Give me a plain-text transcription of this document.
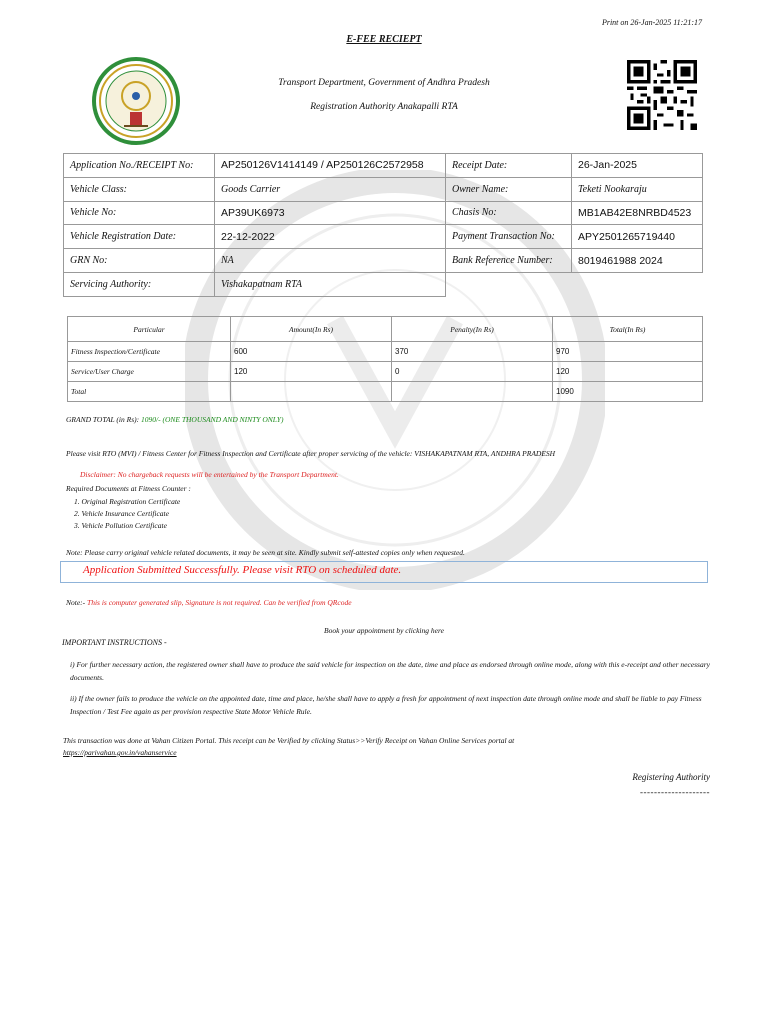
Print on 26-Jan-2025 11:21:17
E-FEE RECIEPT
Transport Department, Government of Andhra Pradesh
Registration Authority Anakapalli RTA
Application No./RECEIPT No:	AP250126V1414149 / AP250126C2572958	Receipt Date:	26-Jan-2025
Vehicle Class:	Goods Carrier	Owner Name:	Teketi Nookaraju
Vehicle No:	AP39UK6973	Chasis No:	MB1AB42E8NRBD4523
Vehicle Registration Date:	22-12-2022	Payment Transaction No:	APY2501265719440
GRN No:	NA	Bank Reference Number:	8019461988 2024
Servicing Authority:	Vishakapatnam RTA		
Particular	Amount(In Rs)	Penalty(In Rs)	Total(In Rs)
Fitness Inspection/Certificate	600	370	970
Service/User Charge	120	0	120
Total			1090
GRAND TOTAL (in Rs): 1090/- (ONE THOUSAND AND NINTY ONLY)
Please visit RTO (MVI) / Fitness Center for Fitness Inspection and Certificate after proper servicing of the vehicle: VISHAKAPATNAM RTA, ANDHRA PRADESH
Disclaimer: No chargeback requests will be entertained by the Transport Department.
Required Documents at Fitness Counter :
1. Original Registration Certificate
2. Vehicle Insurance Certificate
3. Vehicle Pollution Certificate
Note: Please carry original vehicle related documents, it may be seen at site. Kindly submit self-attested copies only when requested.
Application Submitted Successfully. Please visit RTO on scheduled date.
Note:- This is computer generated slip, Signature is not required. Can be verified from QRcode
Book your appointment by clicking here
IMPORTANT INSTRUCTIONS -
i) For further necessary action, the registered owner shall have to produce the said vehicle for inspection on the date, time and place as endorsed through online mode, along with this e-receipt and other necessary documents.
ii) If the owner fails to produce the vehicle on the appointed date, time and place, he/she shall have to apply a fresh for appointment of next inspection date through online mode and shall be liable to pay Fitness Inspection / Test Fee again as per provision respective State Motor Vehicle Rule.
This transaction was done at Vahan Citizen Portal. This receipt can be Verified by clicking Status>>Verify Receipt on Vahan Online Services portal at
https://parivahan.gov.in/vahanservice
Registering Authority
--------------------
